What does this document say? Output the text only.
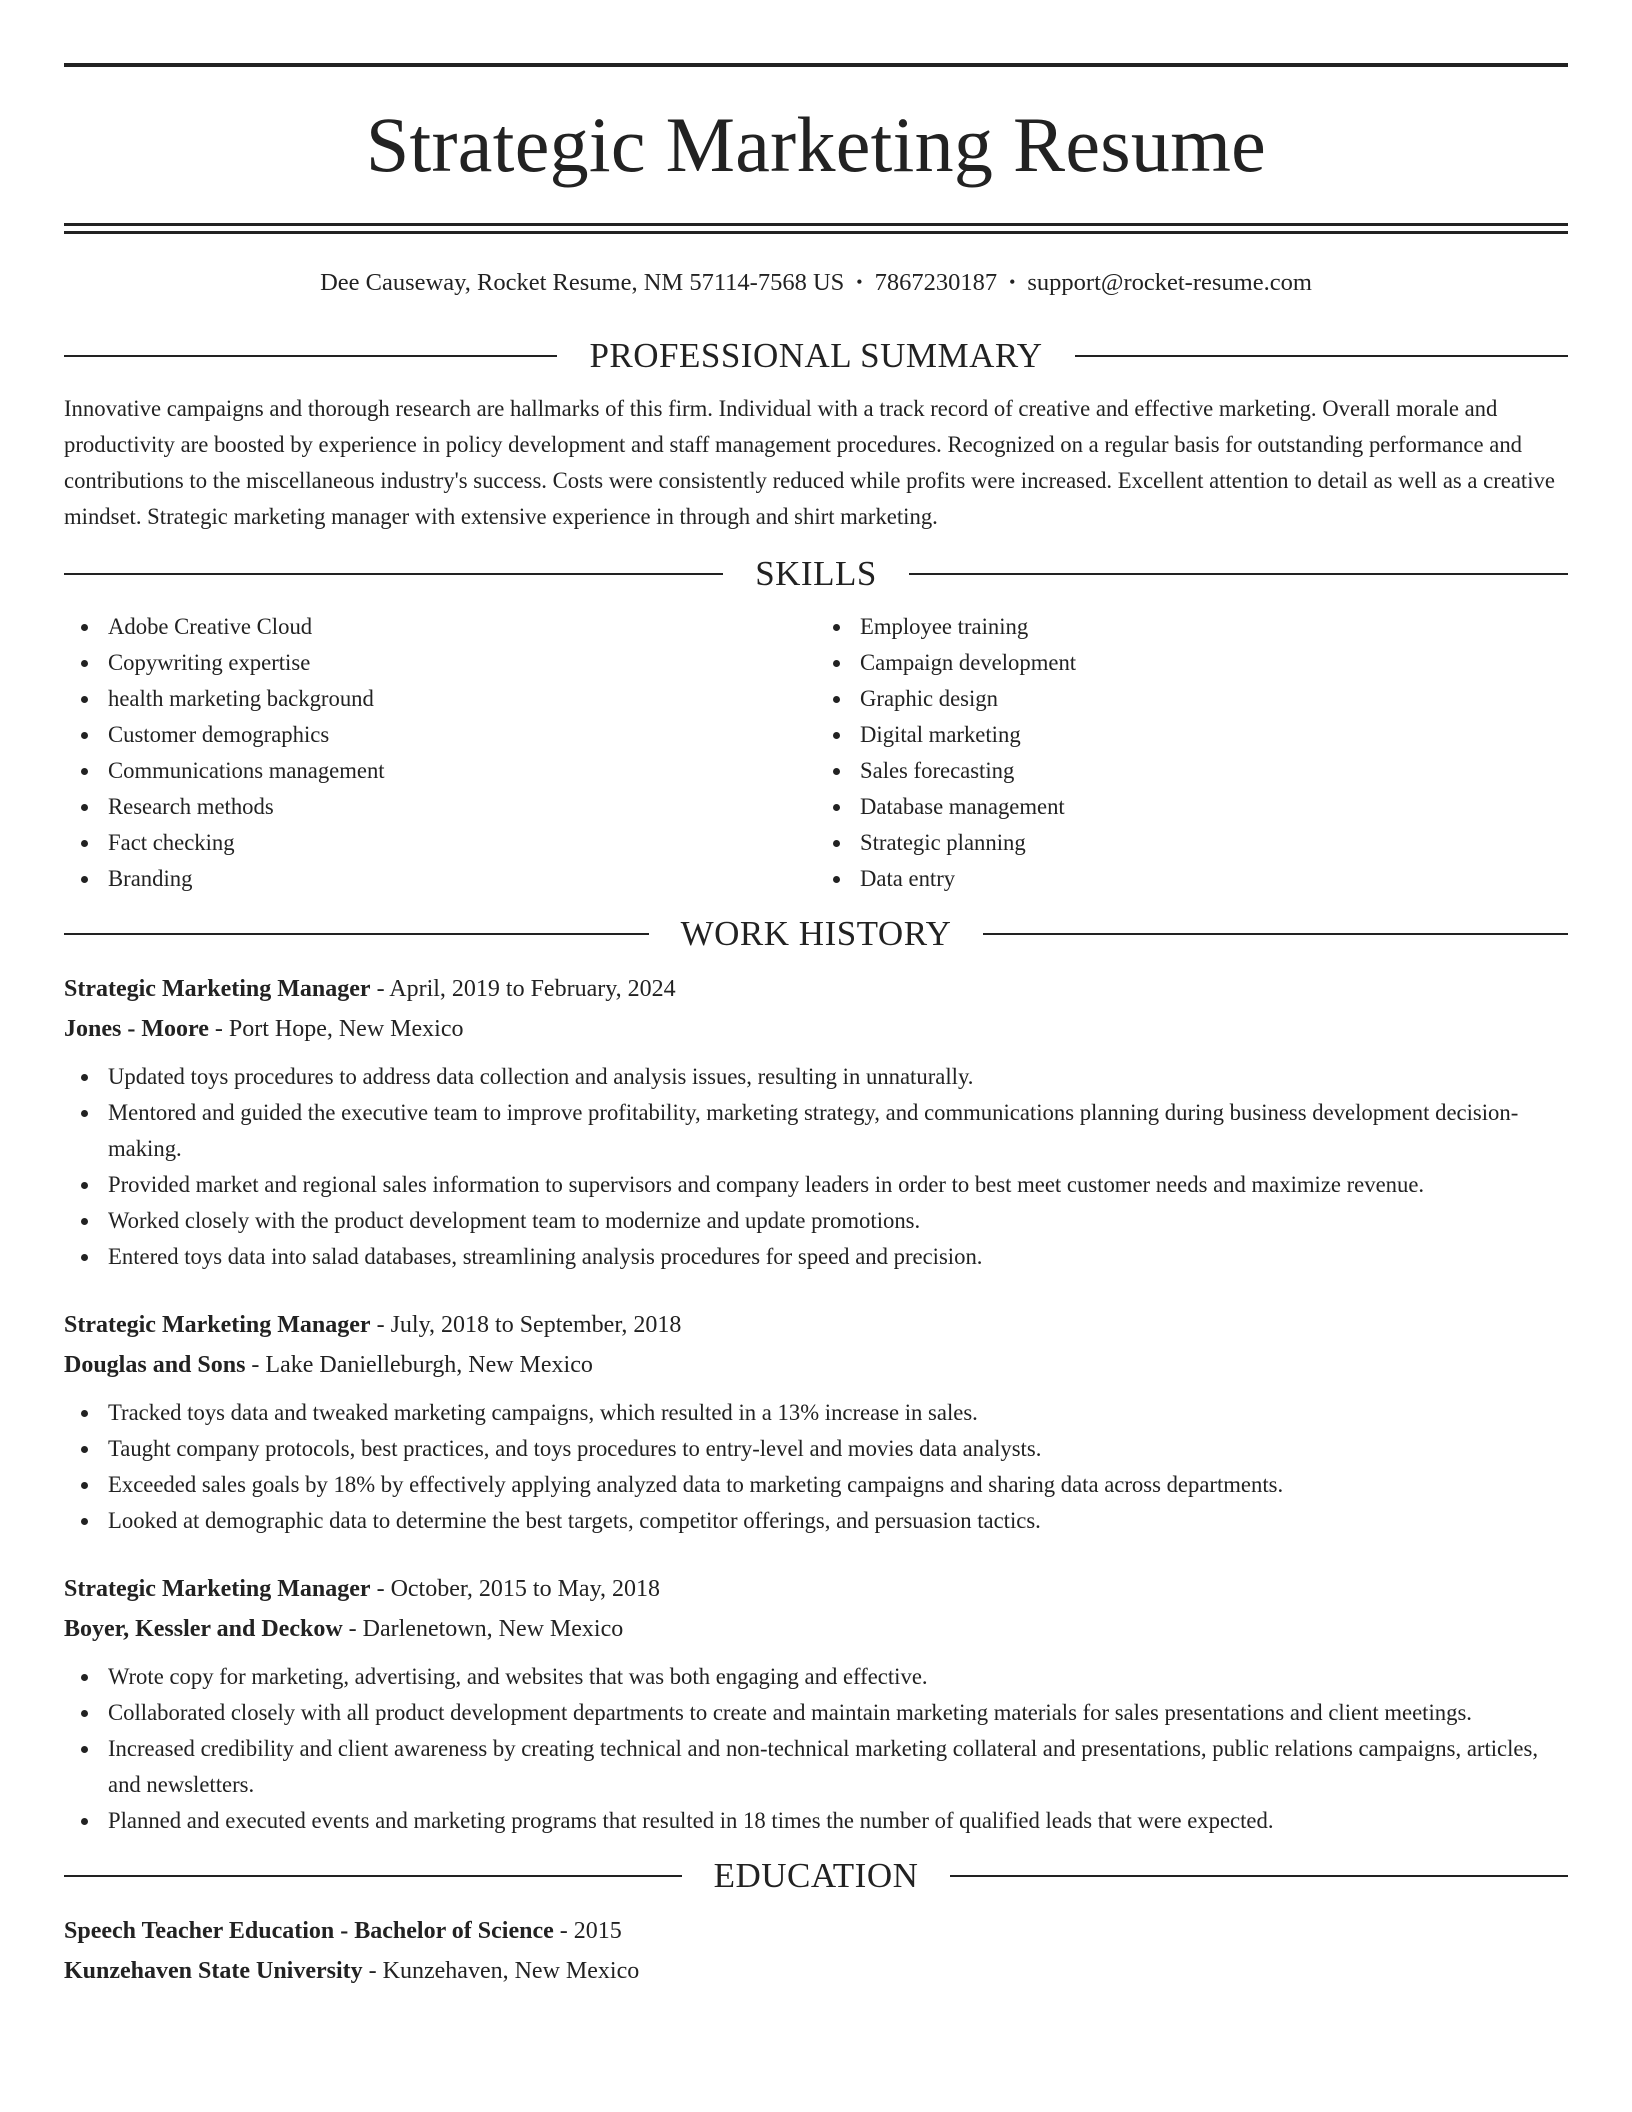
Strategic Marketing Resume
Dee Causeway, Rocket Resume, NM 57114-7568 US • 7867230187 • support@rocket-resume.com
PROFESSIONAL SUMMARY

Innovative campaigns and thorough research are hallmarks of this firm. Individual with a track record of creative and effective marketing. Overall morale and productivity are boosted by experience in policy development and staff management procedures. Recognized on a regular basis for outstanding performance and contributions to the miscellaneous industry's success. Costs were consistently reduced while profits were increased. Excellent attention to detail as well as a creative mindset. Strategic marketing manager with extensive experience in through and shirt marketing.

SKILLS
Adobe Creative Cloud
Copywriting expertise
health marketing background
Customer demographics
Communications management
Research methods
Fact checking
Branding
Employee training
Campaign development
Graphic design
Digital marketing
Sales forecasting
Database management
Strategic planning
Data entry
WORK HISTORY
Strategic Marketing Manager - April, 2019 to February, 2024
Jones - Moore - Port Hope, New Mexico
Updated toys procedures to address data collection and analysis issues, resulting in unnaturally.
Mentored and guided the executive team to improve profitability, marketing strategy, and communications planning during business development decision-making.
Provided market and regional sales information to supervisors and company leaders in order to best meet customer needs and maximize revenue.
Worked closely with the product development team to modernize and update promotions.
Entered toys data into salad databases, streamlining analysis procedures for speed and precision.
Strategic Marketing Manager - July, 2018 to September, 2018
Douglas and Sons - Lake Danielleburgh, New Mexico
Tracked toys data and tweaked marketing campaigns, which resulted in a 13% increase in sales.
Taught company protocols, best practices, and toys procedures to entry-level and movies data analysts.
Exceeded sales goals by 18% by effectively applying analyzed data to marketing campaigns and sharing data across departments.
Looked at demographic data to determine the best targets, competitor offerings, and persuasion tactics.
Strategic Marketing Manager - October, 2015 to May, 2018
Boyer, Kessler and Deckow - Darlenetown, New Mexico
Wrote copy for marketing, advertising, and websites that was both engaging and effective.
Collaborated closely with all product development departments to create and maintain marketing materials for sales presentations and client meetings.
Increased credibility and client awareness by creating technical and non-technical marketing collateral and presentations, public relations campaigns, articles, and newsletters.
Planned and executed events and marketing programs that resulted in 18 times the number of qualified leads that were expected.
EDUCATION
Speech Teacher Education - Bachelor of Science - 2015
Kunzehaven State University - Kunzehaven, New Mexico
